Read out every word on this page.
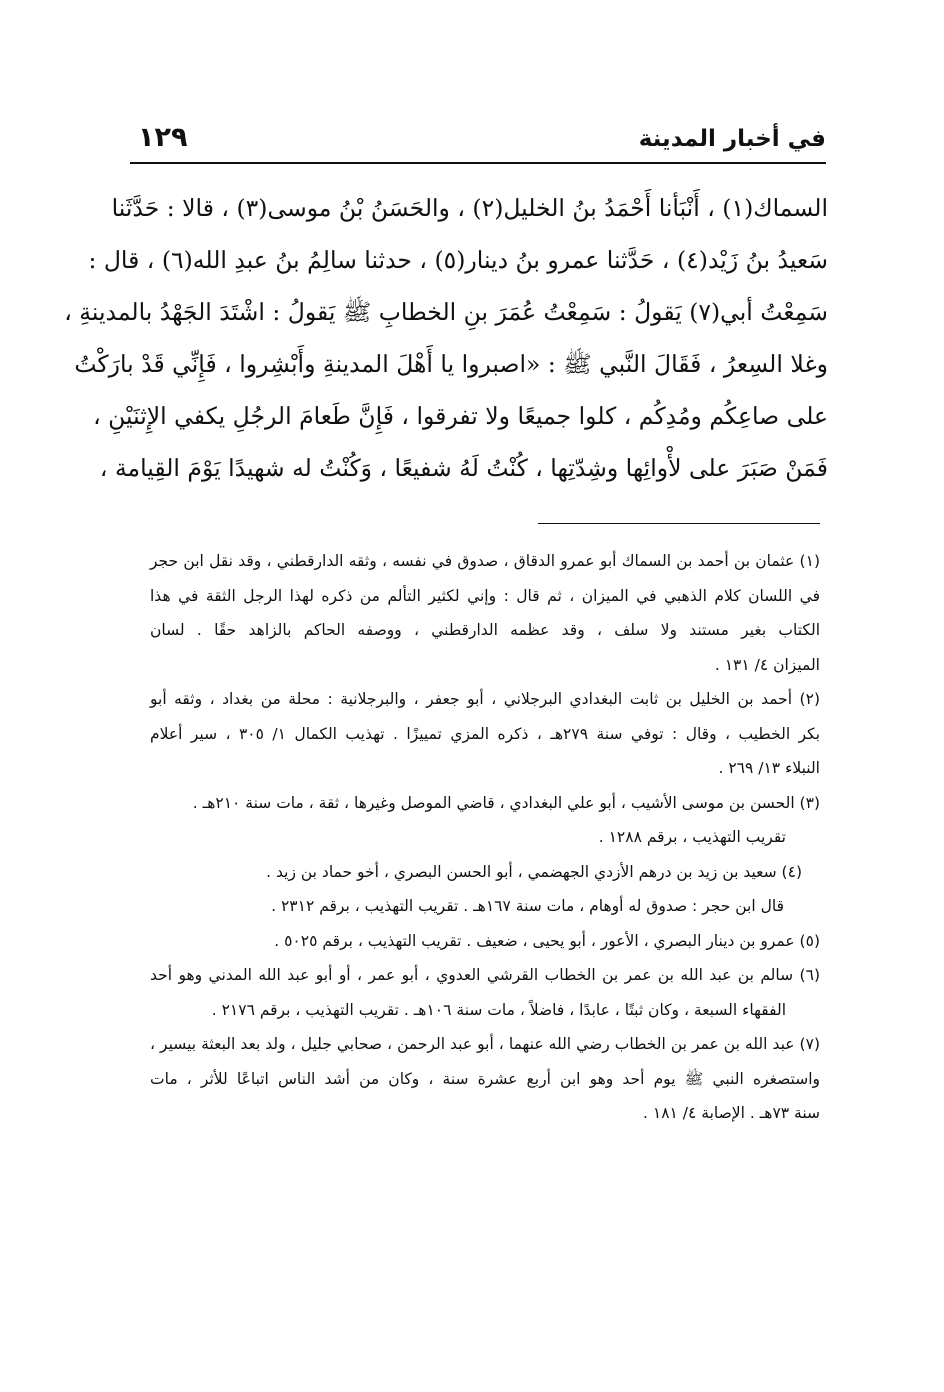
في أخبار المدينة
١٢٩
السماك(١) ، أَنْبَأنا أَحْمَدُ بنُ الخليل(٢) ، والحَسَنُ بْنُ موسى(٣) ، قالا : حَدَّثَنا
سَعيدُ بنُ زَيْد(٤) ، حَدَّثنا عمرو بنُ دينار(٥) ، حدثنا سالِمُ بنُ عبدِ الله(٦) ، قال :
سَمِعْتُ أبي(٧) يَقولُ : سَمِعْتُ عُمَرَ بنِ الخطابِ ﷺ يَقولُ : اشْتَدَ الجَهْدُ بالمدينةِ ،
وغلا السِعرُ ، فَقَالَ النَّبي ﷺ : «اصبروا يا أَهْلَ المدينةِ وأَبْشِروا ، فَإِنِّي قَدْ بارَكْتُ
على صاعِكُم ومُدِكُم ، كلوا جميعًا ولا تفرقوا ، فَإِنَّ طَعامَ الرجُلِ يكفي الإِثنَيْنِ ،
فَمَنْ صَبَرَ على لأْوائِها وشِدّتِها ، كُنْتُ لَهُ شفيعًا ، وَكُنْتُ له شهيدًا يَوْمَ القِيامة ،
(١) عثمان بن أحمد بن السماك أبو عمرو الدقاق ، صدوق في نفسه ، وثقه الدارقطني ، وقد نقل ابن حجر
في اللسان كلام الذهبي في الميزان ، ثم قال : وإني لكثير التألم من ذكره لهذا الرجل الثقة في هذا
الكتاب بغير مستند ولا سلف ، وقد عظمه الدارقطني ، ووصفه الحاكم بالزاهد حقًا . لسان
الميزان ٤/ ١٣١ .
(٢) أحمد بن الخليل بن ثابت البغدادي البرجلاني ، أبو جعفر ، والبرجلانية : محلة من بغداد ، وثقه أبو
بكر الخطيب ، وقال : توفي سنة ٢٧٩هـ ، ذكره المزي تمييزًا . تهذيب الكمال ١/ ٣٠٥ ، سير أعلام
النبلاء ١٣/ ٢٦٩ .
(٣) الحسن بن موسى الأشيب ، أبو علي البغدادي ، قاضي الموصل وغيرها ، ثقة ، مات سنة ٢١٠هـ .
تقريب التهذيب ، برقم ١٢٨٨ .
(٤) سعيد بن زيد بن درهم الأزدي الجهضمي ، أبو الحسن البصري ، أخو حماد بن زيد .
قال ابن حجر : صدوق له أوهام ، مات سنة ١٦٧هـ . تقريب التهذيب ، برقم ٢٣١٢ .
(٥) عمرو بن دينار البصري ، الأعور ، أبو يحيى ، ضعيف . تقريب التهذيب ، برقم ٥٠٢٥ .
(٦) سالم بن عبد الله بن عمر بن الخطاب القرشي العدوي ، أبو عمر ، أو أبو عبد الله المدني وهو أحد
الفقهاء السبعة ، وكان ثبتًا ، عابدًا ، فاضلاً ، مات سنة ١٠٦هـ . تقريب التهذيب ، برقم ٢١٧٦ .
(٧) عبد الله بن عمر بن الخطاب رضي الله عنهما ، أبو عبد الرحمن ، صحابي جليل ، ولد بعد البعثة بيسير ،
واستصغره النبي ﷺ يوم أحد وهو ابن أربع عشرة سنة ، وكان من أشد الناس اتباعًا للأثر ، مات
سنة ٧٣هـ . الإصابة ٤/ ١٨١ .
